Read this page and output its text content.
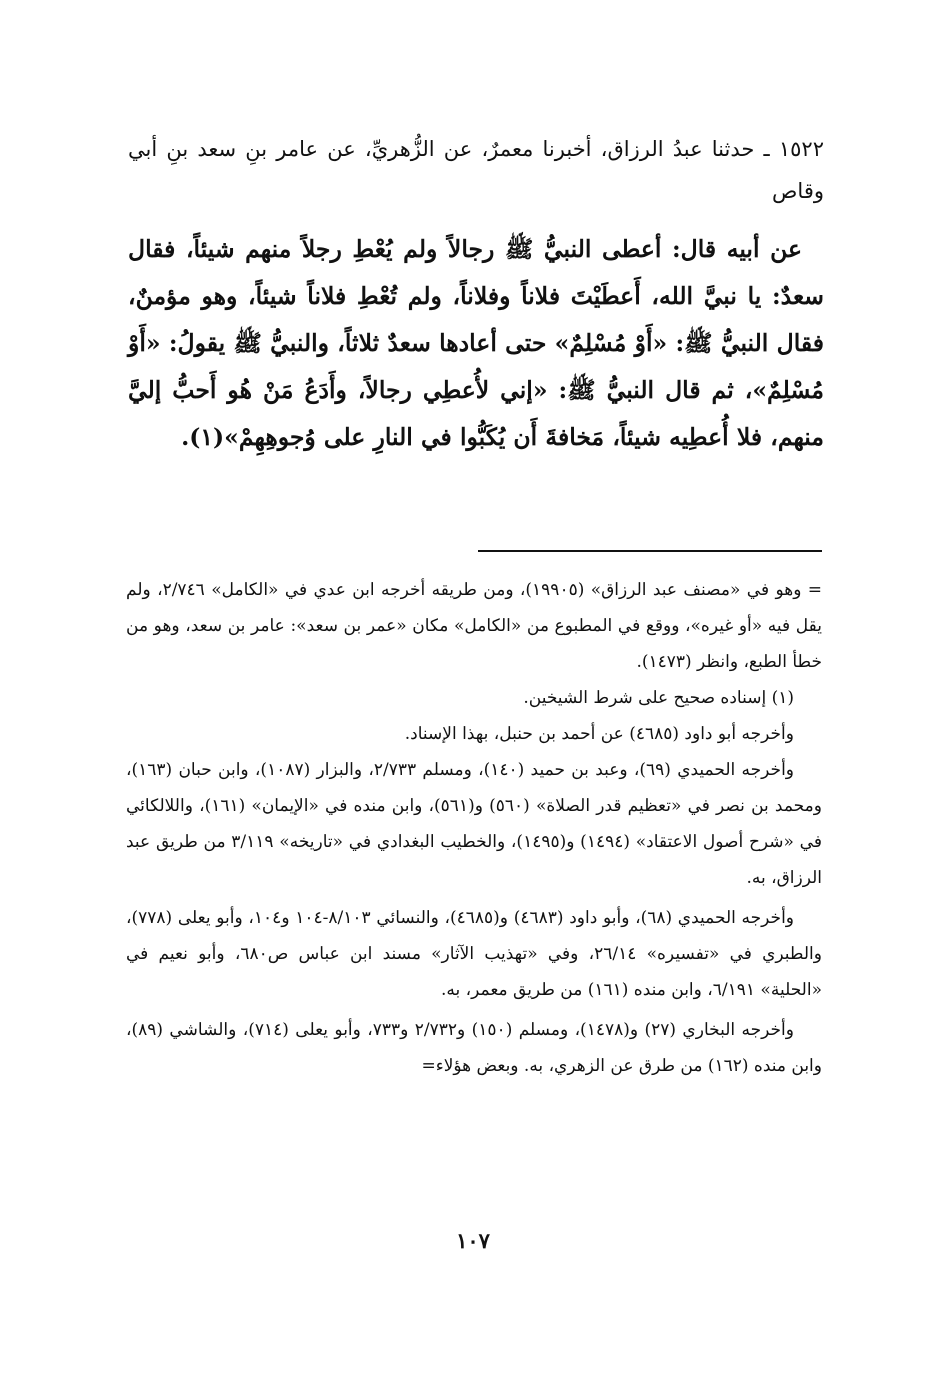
١٥٢٢ ـ حدثنا عبدُ الرزاق، أخبرنا معمرٌ، عن الزُّهريِّ، عن عامر بنِ سعد بنِ أبي وقاص

عن أبيه قال: أعطى النبيُّ ﷺ رجالاً ولم يُعْطِ رجلاً منهم شيئاً، فقال سعدٌ: يا نبيَّ الله، أَعطَيْتَ فلاناً وفلاناً، ولم تُعْطِ فلاناً شيئاً، وهو مؤمنٌ، فقال النبيُّ ﷺ: «أَوْ مُسْلِمٌ» حتى أعادها سعدٌ ثلاثاً، والنبيُّ ﷺ يقولُ: «أَوْ مُسْلِمٌ»، ثم قال النبيُّ ﷺ: «إني لأُعطِي رجالاً، وأَدَعُ مَنْ هُو أَحبُّ إليَّ منهم، فلا أُعطِيه شيئاً، مَخافةَ أَن يُكَبُّوا في النارِ على وُجوهِهِمْ»(١).

= وهو في «مصنف عبد الرزاق» (١٩٩٠٥)، ومن طريقه أخرجه ابن عدي في «الكامل» ٢/٧٤٦، ولم يقل فيه «أو غيره»، ووقع في المطبوع من «الكامل» مكان «عمر بن سعد»: عامر بن سعد، وهو من خطأ الطبع، وانظر (١٤٧٣).

(١) إسناده صحيح على شرط الشيخين.

وأخرجه أبو داود (٤٦٨٥) عن أحمد بن حنبل، بهذا الإسناد.

وأخرجه الحميدي (٦٩)، وعبد بن حميد (١٤٠)، ومسلم ٢/٧٣٣، والبزار (١٠٨٧)، وابن حبان (١٦٣)، ومحمد بن نصر في «تعظيم قدر الصلاة» (٥٦٠) و(٥٦١)، وابن منده في «الإيمان» (١٦١)، واللالكائي في «شرح أصول الاعتقاد» (١٤٩٤) و(١٤٩٥)، والخطيب البغدادي في «تاريخه» ٣/١١٩ من طريق عبد الرزاق، به.

وأخرجه الحميدي (٦٨)، وأبو داود (٤٦٨٣) و(٤٦٨٥)، والنسائي ٨/١٠٣-١٠٤ و١٠٤، وأبو يعلى (٧٧٨)، والطبري في «تفسيره» ٢٦/١٤، وفي «تهذيب الآثار» مسند ابن عباس ص٦٨٠، وأبو نعيم في «الحلية» ٦/١٩١، وابن منده (١٦١) من طريق معمر، به.

وأخرجه البخاري (٢٧) و(١٤٧٨)، ومسلم (١٥٠) و٢/٧٣٢ و٧٣٣، وأبو يعلى (٧١٤)، والشاشي (٨٩)، وابن منده (١٦٢) من طرق عن الزهري، به. وبعض هؤلاء=

١٠٧
